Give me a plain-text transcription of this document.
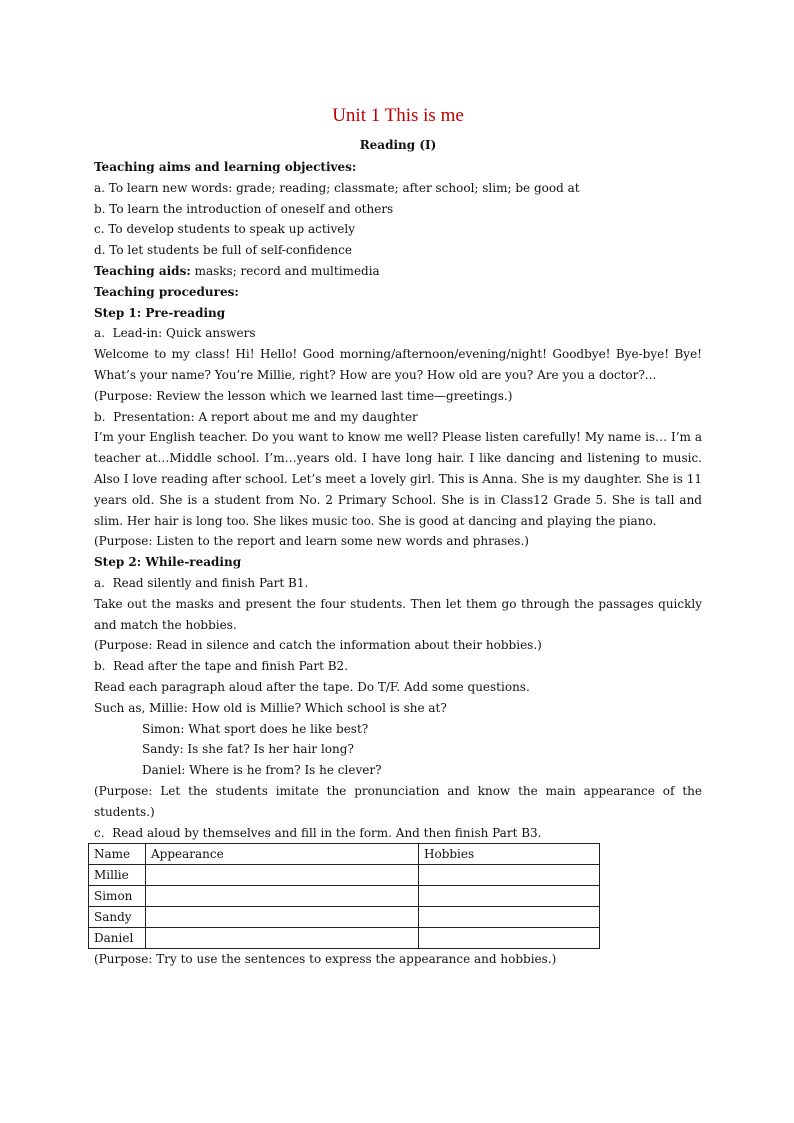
Unit 1 This is me
Reading (I)
Teaching aims and learning objectives:
a. To learn new words: grade; reading; classmate; after school; slim; be good at
b. To learn the introduction of oneself and others
c. To develop students to speak up actively
d. To let students be full of self-confidence
Teaching aids: masks; record and multimedia
Teaching procedures:
Step 1: Pre-reading
a.  Lead-in: Quick answers
Welcome to my class! Hi! Hello! Good morning/afternoon/evening/night! Goodbye! Bye-bye! Bye! What’s your name? You’re Millie, right? How are you? How old are you? Are you a doctor?...
(Purpose: Review the lesson which we learned last time—greetings.)
b.  Presentation: A report about me and my daughter
I’m your English teacher. Do you want to know me well? Please listen carefully! My name is… I’m a teacher at…Middle school. I’m…years old. I have long hair. I like dancing and listening to music. Also I love reading after school. Let’s meet a lovely girl. This is Anna. She is my daughter. She is 11 years old. She is a student from No. 2 Primary School. She is in Class12 Grade 5. She is tall and slim. Her hair is long too. She likes music too. She is good at dancing and playing the piano.
(Purpose: Listen to the report and learn some new words and phrases.)
Step 2: While-reading
a.  Read silently and finish Part B1.
Take out the masks and present the four students. Then let them go through the passages quickly and match the hobbies.
(Purpose: Read in silence and catch the information about their hobbies.)
b.  Read after the tape and finish Part B2.
Read each paragraph aloud after the tape. Do T/F. Add some questions.
Such as, Millie: How old is Millie? Which school is she at?
Simon: What sport does he like best?
Sandy: Is she fat? Is her hair long?
Daniel: Where is he from? Is he clever?
(Purpose: Let the students imitate the pronunciation and know the main appearance of the students.)
c.  Read aloud by themselves and fill in the form. And then finish Part B3.
Name	Appearance	Hobbies
Millie		
Simon		
Sandy		
Daniel		
(Purpose: Try to use the sentences to express the appearance and hobbies.)
